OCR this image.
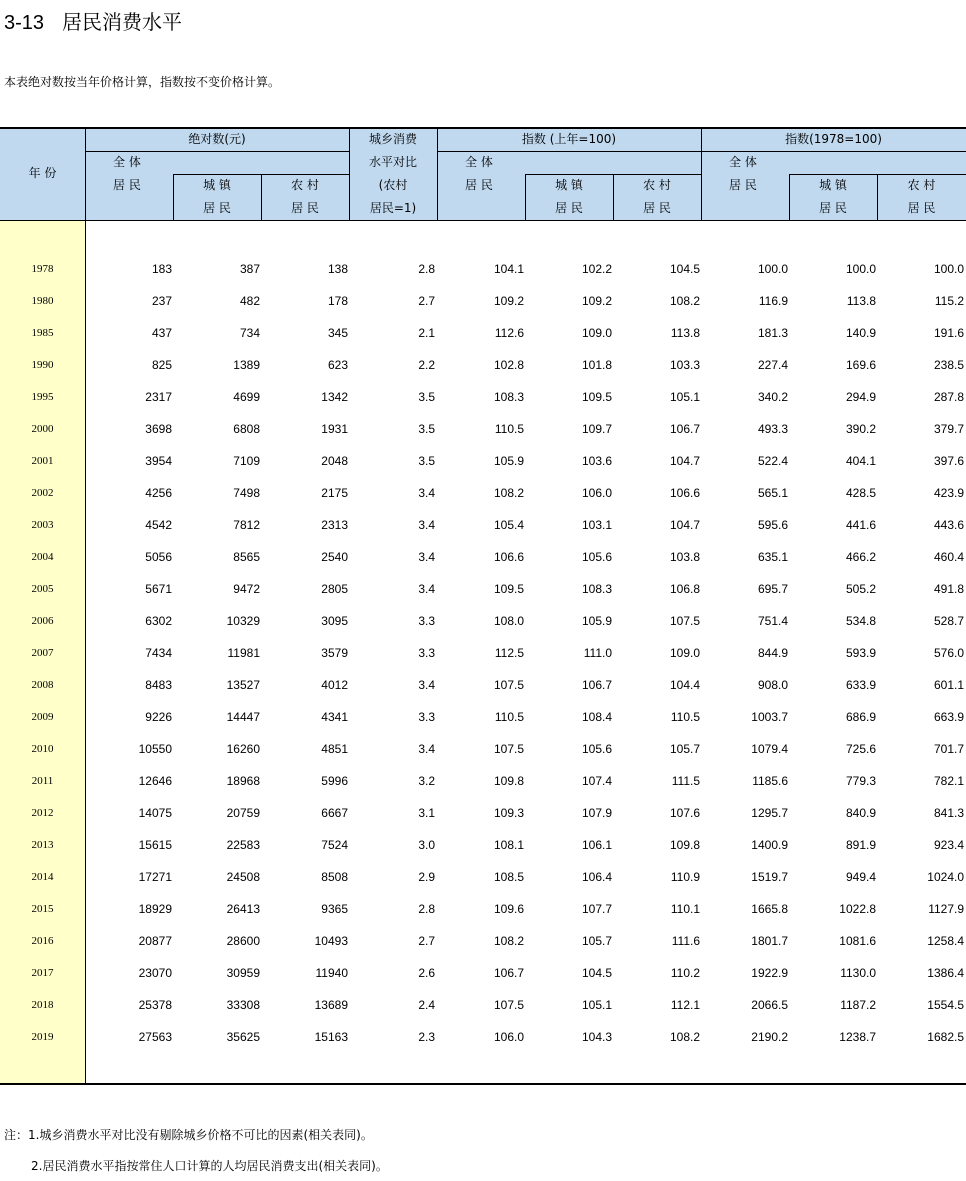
3-13 居民消费水平
本表绝对数按当年价格计算，指数按不变价格计算。
年 份
绝对数(元)	城乡消费
水平对比
(农村
居民=1)
指数 (上年=100)	指数(1978=100)
全 体
居 民	城 镇
居 民
农 村
居 民
全 体
居 民	城 镇
居 民
农 村
居 民
全 体
居 民	城 镇
居 民
农 村
居 民
1978	183	387	138	2.8	104.1	102.2	104.5	100.0	100.0	100.0
1980	237	482	178	2.7	109.2	109.2	108.2	116.9	113.8	115.2
1985	437	734	345	2.1	112.6	109.0	113.8	181.3	140.9	191.6
1990	825	1389	623	2.2	102.8	101.8	103.3	227.4	169.6	238.5
1995	2317	4699	1342	3.5	108.3	109.5	105.1	340.2	294.9	287.8
2000	3698	6808	1931	3.5	110.5	109.7	106.7	493.3	390.2	379.7
2001	3954	7109	2048	3.5	105.9	103.6	104.7	522.4	404.1	397.6
2002	4256	7498	2175	3.4	108.2	106.0	106.6	565.1	428.5	423.9
2003	4542	7812	2313	3.4	105.4	103.1	104.7	595.6	441.6	443.6
2004	5056	8565	2540	3.4	106.6	105.6	103.8	635.1	466.2	460.4
2005	5671	9472	2805	3.4	109.5	108.3	106.8	695.7	505.2	491.8
2006	6302	10329	3095	3.3	108.0	105.9	107.5	751.4	534.8	528.7
2007	7434	11981	3579	3.3	112.5	111.0	109.0	844.9	593.9	576.0
2008	8483	13527	4012	3.4	107.5	106.7	104.4	908.0	633.9	601.1
2009	9226	14447	4341	3.3	110.5	108.4	110.5	1003.7	686.9	663.9
2010	10550	16260	4851	3.4	107.5	105.6	105.7	1079.4	725.6	701.7
2011	12646	18968	5996	3.2	109.8	107.4	111.5	1185.6	779.3	782.1
2012	14075	20759	6667	3.1	109.3	107.9	107.6	1295.7	840.9	841.3
2013	15615	22583	7524	3.0	108.1	106.1	109.8	1400.9	891.9	923.4
2014	17271	24508	8508	2.9	108.5	106.4	110.9	1519.7	949.4	1024.0
2015	18929	26413	9365	2.8	109.6	107.7	110.1	1665.8	1022.8	1127.9
2016	20877	28600	10493	2.7	108.2	105.7	111.6	1801.7	1081.6	1258.4
2017	23070	30959	11940	2.6	106.7	104.5	110.2	1922.9	1130.0	1386.4
2018	25378	33308	13689	2.4	107.5	105.1	112.1	2066.5	1187.2	1554.5
2019	27563	35625	15163	2.3	106.0	104.3	108.2	2190.2	1238.7	1682.5
注：1.城乡消费水平对比没有剔除城乡价格不可比的因素(相关表同)。
2.居民消费水平指按常住人口计算的人均居民消费支出(相关表同)。
